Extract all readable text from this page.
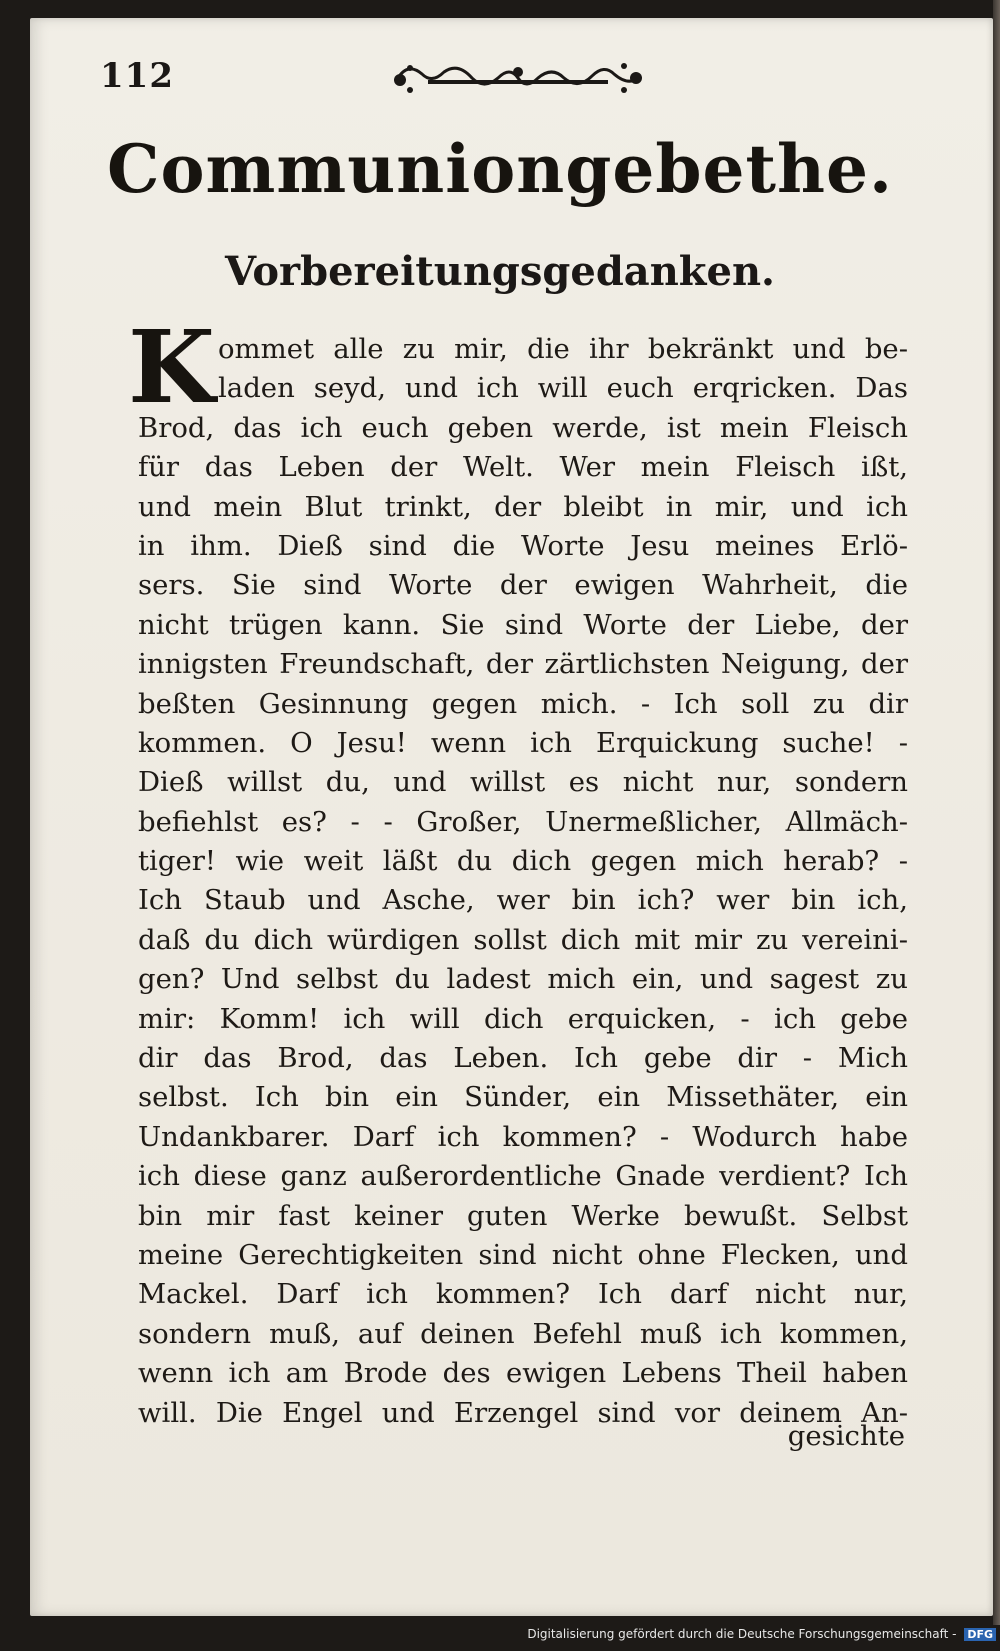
112
Communiongebethe.
Vorbereitungsgedanken.
K ommet alle zu mir, die ihr bekränkt und be-
laden seyd, und ich will euch erqricken. Das
Brod, das ich euch geben werde, ist mein Fleisch
für das Leben der Welt. Wer mein Fleisch ißt,
und mein Blut trinkt, der bleibt in mir, und ich
in ihm. Dieß sind die Worte Jesu meines Erlö-
sers. Sie sind Worte der ewigen Wahrheit, die
nicht trügen kann. Sie sind Worte der Liebe, der
innigsten Freundschaft, der zärtlichsten Neigung, der
beßten Gesinnung gegen mich. - Ich soll zu dir
kommen. O Jesu! wenn ich Erquickung suche! -
Dieß willst du, und willst es nicht nur, sondern
befiehlst es? - - Großer, Unermeßlicher, Allmäch-
tiger! wie weit läßt du dich gegen mich herab? -
Ich Staub und Asche, wer bin ich? wer bin ich,
daß du dich würdigen sollst dich mit mir zu vereini-
gen? Und selbst du ladest mich ein, und sagest zu
mir: Komm! ich will dich erquicken, - ich gebe
dir das Brod, das Leben. Ich gebe dir - Mich
selbst. Ich bin ein Sünder, ein Missethäter, ein
Undankbarer. Darf ich kommen? - Wodurch habe
ich diese ganz außerordentliche Gnade verdient? Ich
bin mir fast keiner guten Werke bewußt. Selbst
meine Gerechtigkeiten sind nicht ohne Flecken, und
Mackel. Darf ich kommen? Ich darf nicht nur,
sondern muß, auf deinen Befehl muß ich kommen,
wenn ich am Brode des ewigen Lebens Theil haben
will. Die Engel und Erzengel sind vor deinem An-
gesichte
Digitalisierung gefördert durch die Deutsche Forschungsgemeinschaft - DFG
